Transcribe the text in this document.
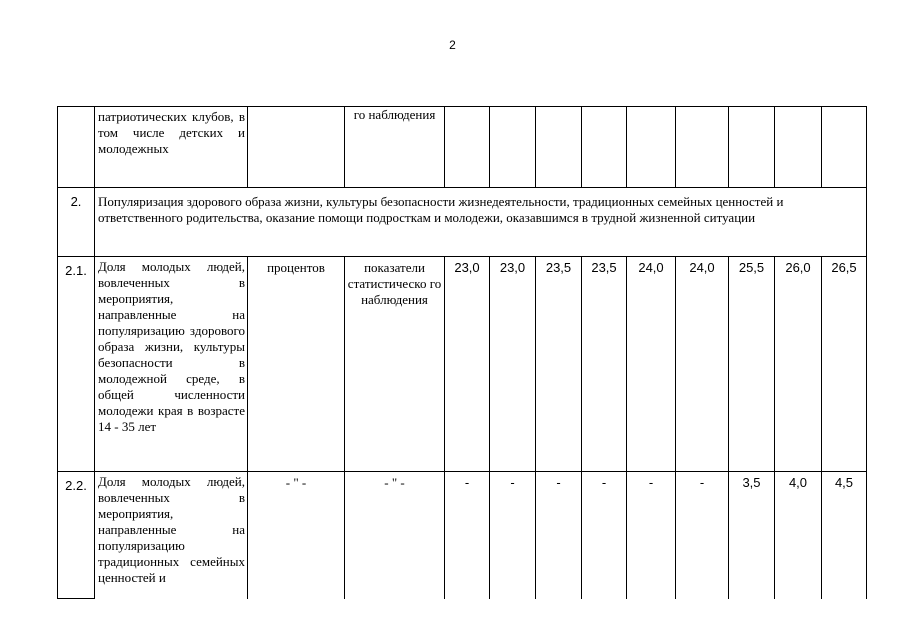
2
	патриотических клубов, в том числе детских и молодежных		го наблюдения									
2.	Популяризация здорового образа жизни, культуры безопасности жизнедеятельности, традиционных семейных ценностей и ответственного родительства, оказание помощи подросткам и молодежи, оказавшимся в трудной жизненной ситуации											
2.1.	Доля молодых людей, вовлеченных в мероприятия, направленные на популяризацию здорового образа жизни, культуры безопасности в молодежной среде, в общей численности молодежи края в возрасте 14 - 35 лет	процентов	показатели статистическо го наблюдения	23,0	23,0	23,5	23,5	24,0	24,0	25,5	26,0	26,5
2.2.	Доля молодых людей, вовлеченных в мероприятия, направленные на популяризацию традиционных семейных ценностей и	- " -	- " -	-	-	-	-	-	-	3,5	4,0	4,5
